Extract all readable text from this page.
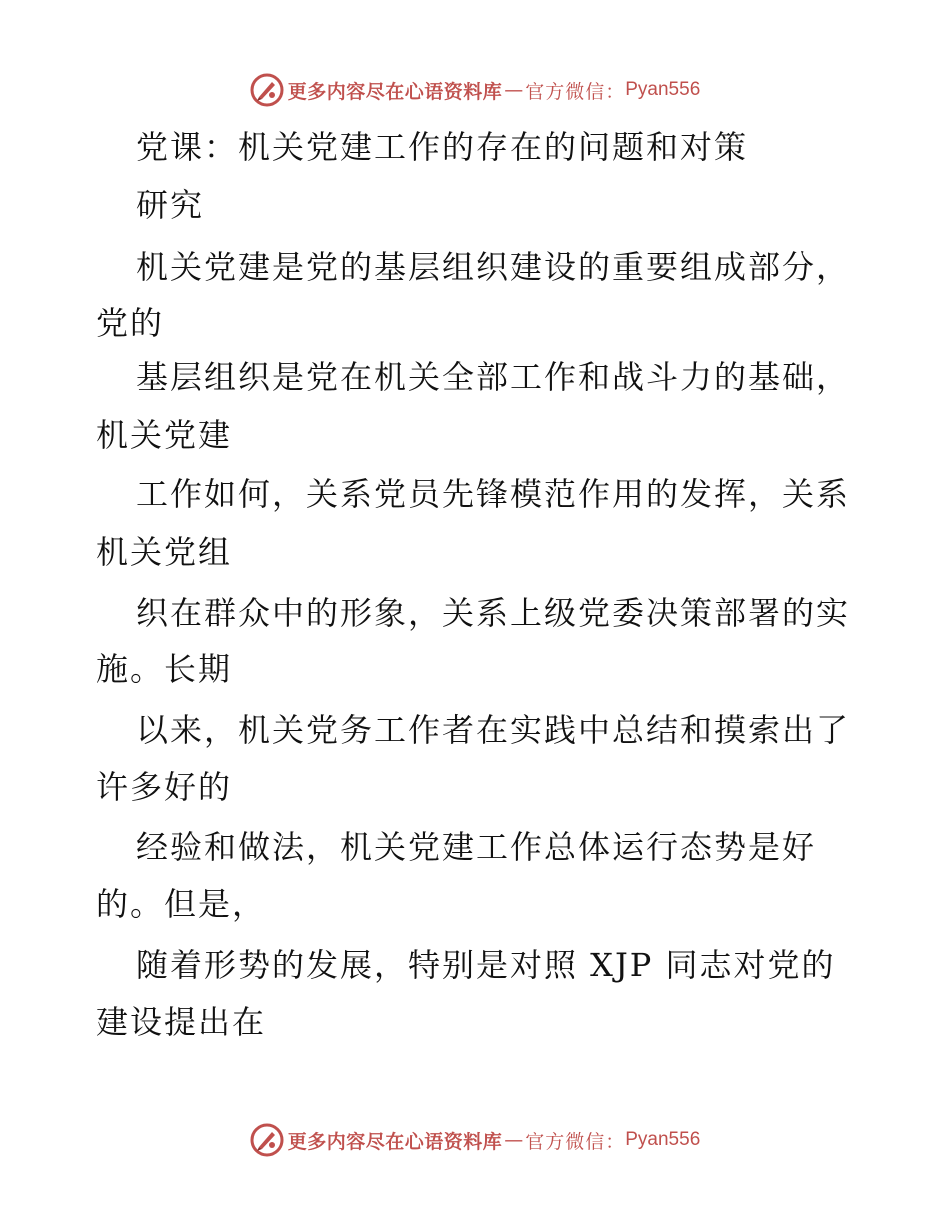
更多内容尽在心语资料库 — 官方微信： Pyan556
党课：机关党建工作的存在的问题和对策
研究
机关党建是党的基层组织建设的重要组成部分，
党的
基层组织是党在机关全部工作和战斗力的基础，
机关党建
工作如何，关系党员先锋模范作用的发挥，关系
机关党组
织在群众中的形象，关系上级党委决策部署的实
施。长期
以来，机关党务工作者在实践中总结和摸索出了
许多好的
经验和做法，机关党建工作总体运行态势是好
的。但是，
随着形势的发展，特别是对照 XJP 同志对党的
建设提出在
更多内容尽在心语资料库 — 官方微信： Pyan556
